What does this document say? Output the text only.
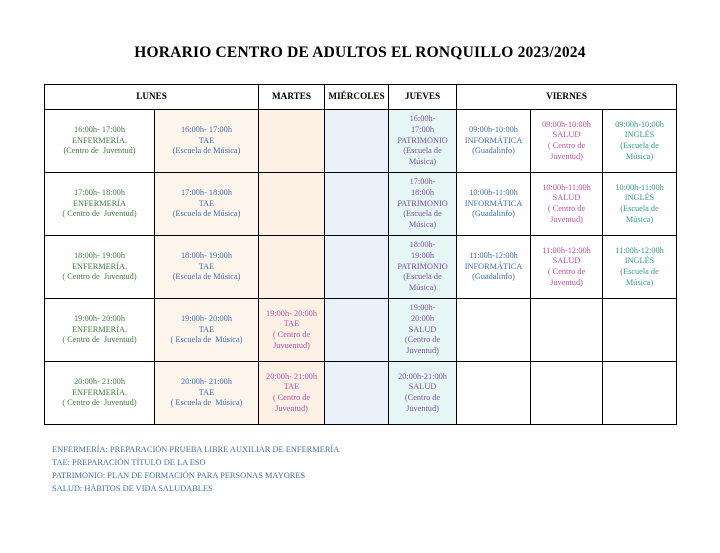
HORARIO CENTRO DE ADULTOS EL RONQUILLO 2023/2024
LUNES		MARTES	MIÉRCOLES	JUEVES	VIERNES		

16:00h- 17:00h
ENFERMERÍA.
(Centro de  Juventud)	16:00h- 17:00h
TAE
(Escuela de Música)			16:00h-
17:00h
PATRIMONIO
(Escuela de
Música)	09:00h-10:00h
INFORMÁTICA
(Guadalinfo)	09:00h-10:00h
SALUD
( Centro de
Juventud)	09:00h-10:00h
INGLÉS
(Escuela de
Música)

17:00h- 18:00h
ENFERMERÍA
( Centro de  Juventud)	17:00h- 18:00h
TAE
(Escuela de Música)			17:00h-
18:00h
PATRIMONIO
(Escuela de
Música)	10:00h-11:00h
INFORMÁTICA
(Guadalinfo)	10:00h-11:00h
SALUD
( Centro de
Juventud)	10:00h-11:00h
INGLÉS
(Escuela de
Música)

18:00h- 19:00h
ENFERMERÍA.
( Centro de  Juventud)	18:00h- 19:00h
TAE
(Escuela de Música)			18:00h-
19:00h
PATRIMONIO
(Escuela de
Música)	11:00h-12:00h
INFORMÁTICA
(Guadalinfo)	11:00h-12:00h
SALUD
( Centro de
Juventud)	11:00h-12:00h
INGLÉS
(Escuela de
Música)

19:00h- 20:00h
ENFERMERÍA.
( Centro de  Juventud)	19:00h- 20:00h
TAE
( Escuela de  Música)	19:00h- 20:00h
TAE
( Centro de
Juvuentud)		19:00h-
20:00h
SALUD
(Centro de
Juventud)			

20:00h- 21:00h
ENFERMERÍA.
( Centro de  Juventud)	20:00h- 21:00h
TAE
( Escuela de  Música)	20:00h- 21:00h
TAE
( Centro de
Juventud)		20:00h-21:00h
SALUD
(Centro de
Juventud)			

ENFERMERÍA: PREPARACIÓN PRUEBA LIBRE AUXILIAR DE ENFERMERÍA
TAE: PREPARACIÓN TÍTULO DE LA ESO
PATRIMONIO: PLAN DE FORMACIÓN PARA PERSONAS MAYORES
SALUD: HÁBITOS DE VIDA SALUDABLES
